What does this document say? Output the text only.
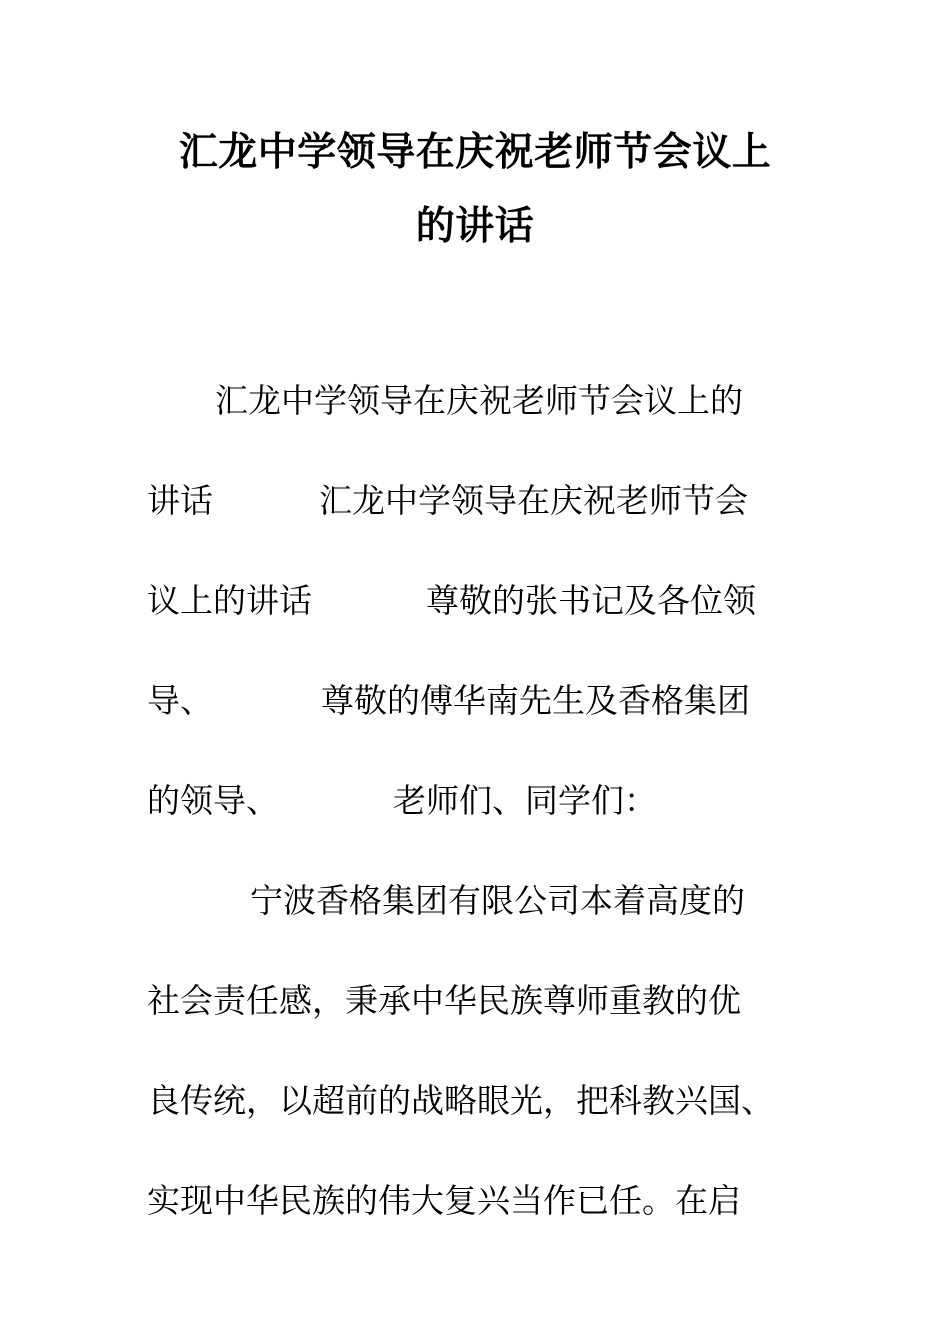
汇龙中学领导在庆祝老师节会议上
的讲话
汇龙中学领导在庆祝老师节会议上的
讲话	汇龙中学领导在庆祝老师节会
议上的讲话	尊敬的张书记及各位领
导、	尊敬的傅华南先生及香格集团
的领导、	老师们、同学们：
宁波香格集团有限公司本着高度的
社会责任感，秉承中华民族尊师重教的优
良传统，以超前的战略眼光，把科教兴国、
实现中华民族的伟大复兴当作已任。在启
